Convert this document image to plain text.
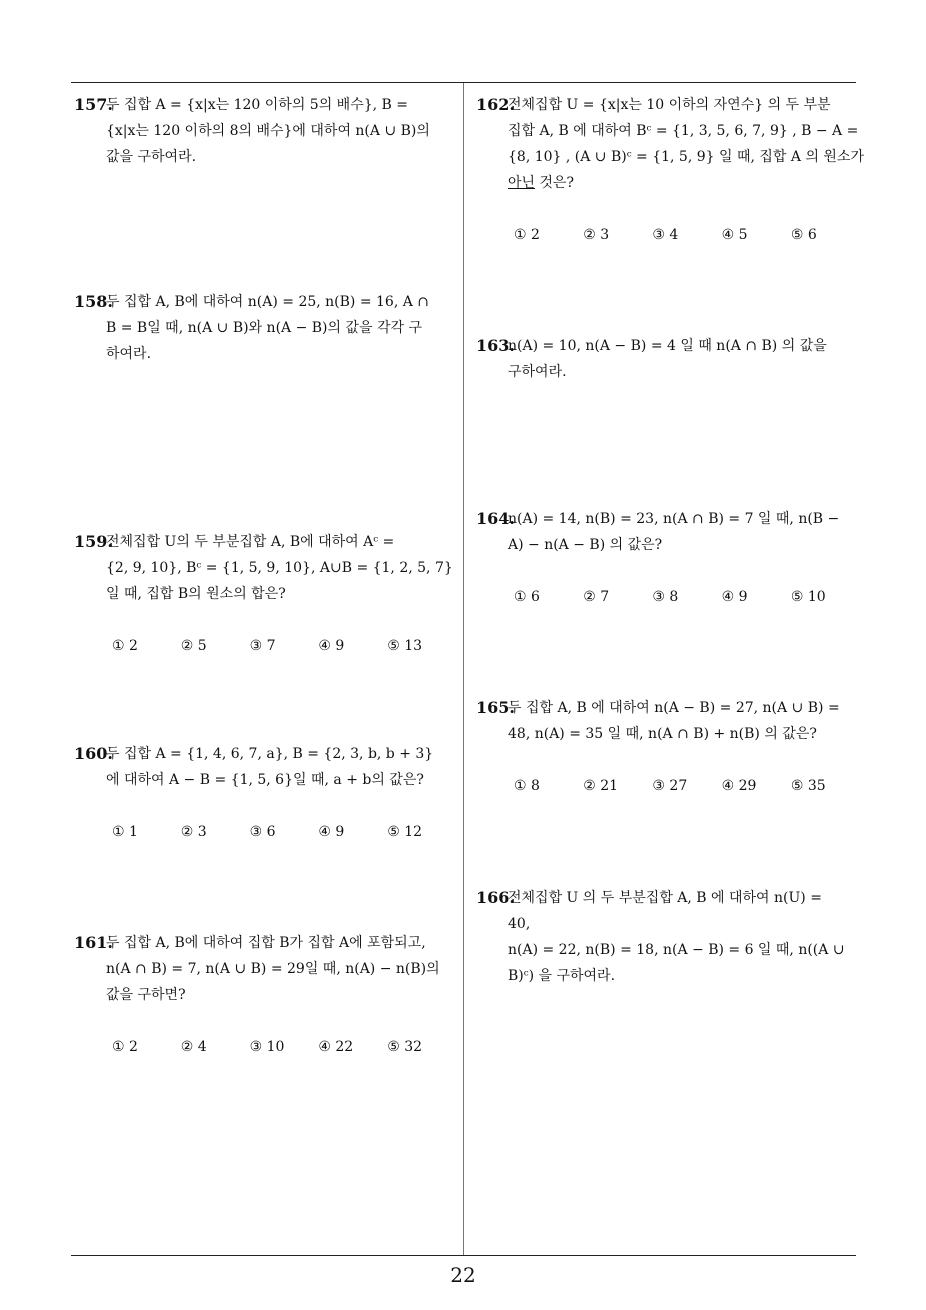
157.
두 집합 A = {x|x는 120 이하의 5의 배수}, B =
{x|x는 120 이하의 8의 배수}에 대하여 n(A ∪ B)의
값을 구하여라.
158.
두 집합 A, B에 대하여 n(A) = 25, n(B) = 16, A ∩
B = B일 때, n(A ∪ B)와 n(A − B)의 값을 각각 구
하여라.
159.
전체집합 U의 두 부분집합 A, B에 대하여 Aᶜ =
{2, 9, 10}, Bᶜ = {1, 5, 9, 10}, A∪B = {1, 2, 5, 7}
일 때, 집합 B의 원소의 합은?
① 2	② 5	③ 7	④ 9	⑤ 13
160.
두 집합 A = {1, 4, 6, 7, a}, B = {2, 3, b, b + 3}
에 대하여 A − B = {1, 5, 6}일 때, a + b의 값은?
① 1	② 3	③ 6	④ 9	⑤ 12
161.
두 집합 A, B에 대하여 집합 B가 집합 A에 포함되고,
n(A ∩ B) = 7, n(A ∪ B) = 29일 때, n(A) − n(B)의
값을 구하면?
① 2	② 4	③ 10	④ 22	⑤ 32
162.
전체집합 U = {x|x는 10 이하의 자연수} 의 두 부분
집합 A, B 에 대하여 Bᶜ = {1, 3, 5, 6, 7, 9} , B − A =
{8, 10} , (A ∪ B)ᶜ = {1, 5, 9} 일 때, 집합 A 의 원소가
아닌 것은?
① 2	② 3	③ 4	④ 5	⑤ 6
163.
n(A) = 10, n(A − B) = 4 일 때 n(A ∩ B) 의 값을
구하여라.
164.
n(A) = 14, n(B) = 23, n(A ∩ B) = 7 일 때, n(B −
A) − n(A − B) 의 값은?
① 6	② 7	③ 8	④ 9	⑤ 10
165.
두 집합 A, B 에 대하여 n(A − B) = 27, n(A ∪ B) =
48, n(A) = 35 일 때, n(A ∩ B) + n(B) 의 값은?
① 8	② 21	③ 27	④ 29	⑤ 35
166.
전체집합 U 의 두 부분집합 A, B 에 대하여 n(U) =
40,
n(A) = 22, n(B) = 18, n(A − B) = 6 일 때, n((A ∪
B)ᶜ) 을 구하여라.
22
